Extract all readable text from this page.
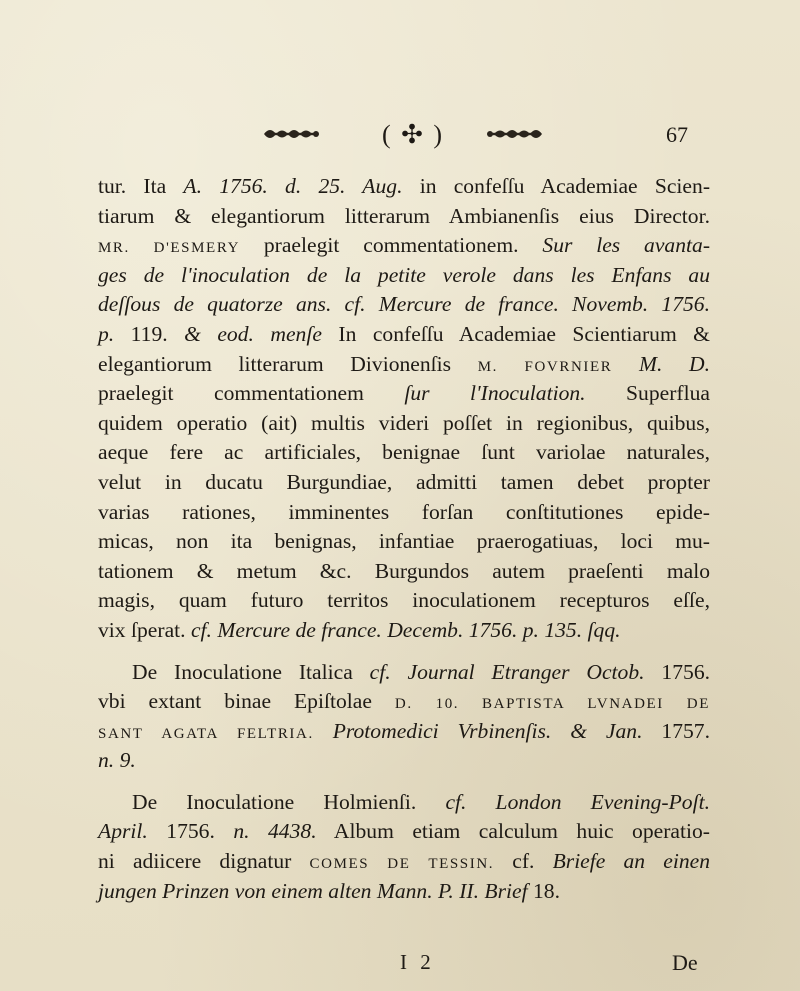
( ✣ )	67
tur. Ita A. 1756. d. 25. Aug. in confeſſu Academiae Scien-
tiarum & elegantiorum litterarum Ambianenſis eius Director.
MR. D'ESMERY praelegit commentationem. Sur les avanta-
ges de l'inoculation de la petite verole dans les Enfans au
deſſous de quatorze ans. cf. Mercure de france. Novemb. 1756.
p. 119. & eod. menſe In confeſſu Academiae Scientiarum &
elegantiorum litterarum Divionenſis M. FOVRNIER M. D.
praelegit commentationem ſur l'Inoculation. Superflua
quidem operatio (ait) multis videri poſſet in regionibus, quibus,
aeque fere ac artificiales, benignae ſunt variolae naturales,
velut in ducatu Burgundiae, admitti tamen debet propter
varias rationes, imminentes forſan conſtitutiones epide-
micas, non ita benignas, infantiae praerogatiuas, loci mu-
tationem & metum &c. Burgundos autem praeſenti malo
magis, quam futuro territos inoculationem recepturos eſſe,
vix ſperat. cf. Mercure de france. Decemb. 1756. p. 135. ſqq.
De Inoculatione Italica cf. Journal Etranger Octob. 1756.
vbi extant binae Epiſtolae D. 10. BAPTISTA LVNADEI DE
SANT AGATA FELTRIA. Protomedici Vrbinenſis. & Jan. 1757.
n. 9.
De Inoculatione Holmienſi. cf. London Evening-Poſt.
April. 1756. n. 4438. Album etiam calculum huic operatio-
ni adiicere dignatur COMES DE TESSIN. cf. Briefe an einen
jungen Prinzen von einem alten Mann. P. II. Brief 18.
I 2	De
